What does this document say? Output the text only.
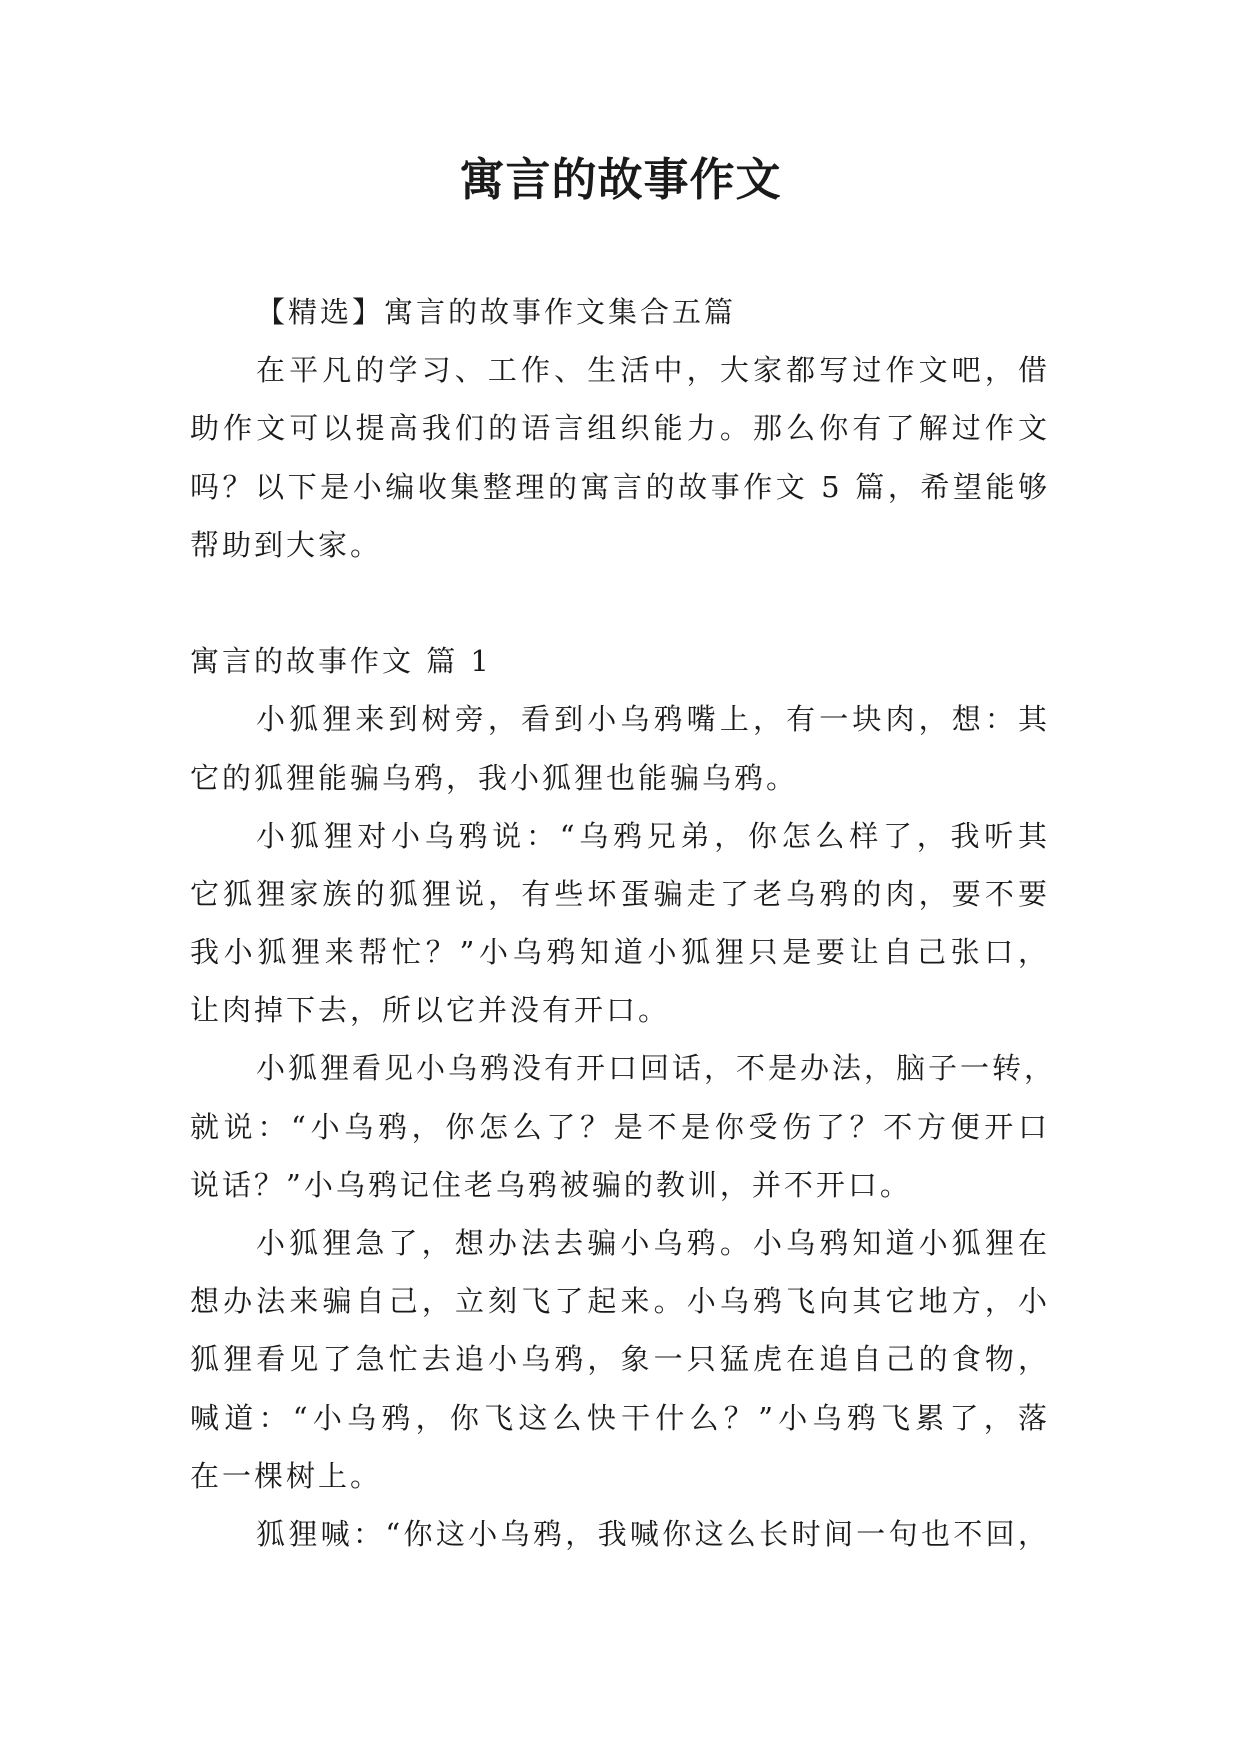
寓言的故事作文
【精选】寓言的故事作文集合五篇
在平凡的学习、工作、生活中，大家都写过作文吧，借
助作文可以提高我们的语言组织能力。那么你有了解过作文
吗？以下是小编收集整理的寓言的故事作文 5 篇，希望能够
帮助到大家。
寓言的故事作文 篇 1
小狐狸来到树旁，看到小乌鸦嘴上，有一块肉，想：其
它的狐狸能骗乌鸦，我小狐狸也能骗乌鸦。
小狐狸对小乌鸦说：“乌鸦兄弟，你怎么样了，我听其
它狐狸家族的狐狸说，有些坏蛋骗走了老乌鸦的肉，要不要
我小狐狸来帮忙？”小乌鸦知道小狐狸只是要让自己张口，
让肉掉下去，所以它并没有开口。
小狐狸看见小乌鸦没有开口回话，不是办法，脑子一转，
就说：“小乌鸦，你怎么了？是不是你受伤了？不方便开口
说话？”小乌鸦记住老乌鸦被骗的教训，并不开口。
小狐狸急了，想办法去骗小乌鸦。小乌鸦知道小狐狸在
想办法来骗自己，立刻飞了起来。小乌鸦飞向其它地方，小
狐狸看见了急忙去追小乌鸦，象一只猛虎在追自己的食物，
喊道：“小乌鸦，你飞这么快干什么？”小乌鸦飞累了，落
在一棵树上。
狐狸喊：“你这小乌鸦，我喊你这么长时间一句也不回，
